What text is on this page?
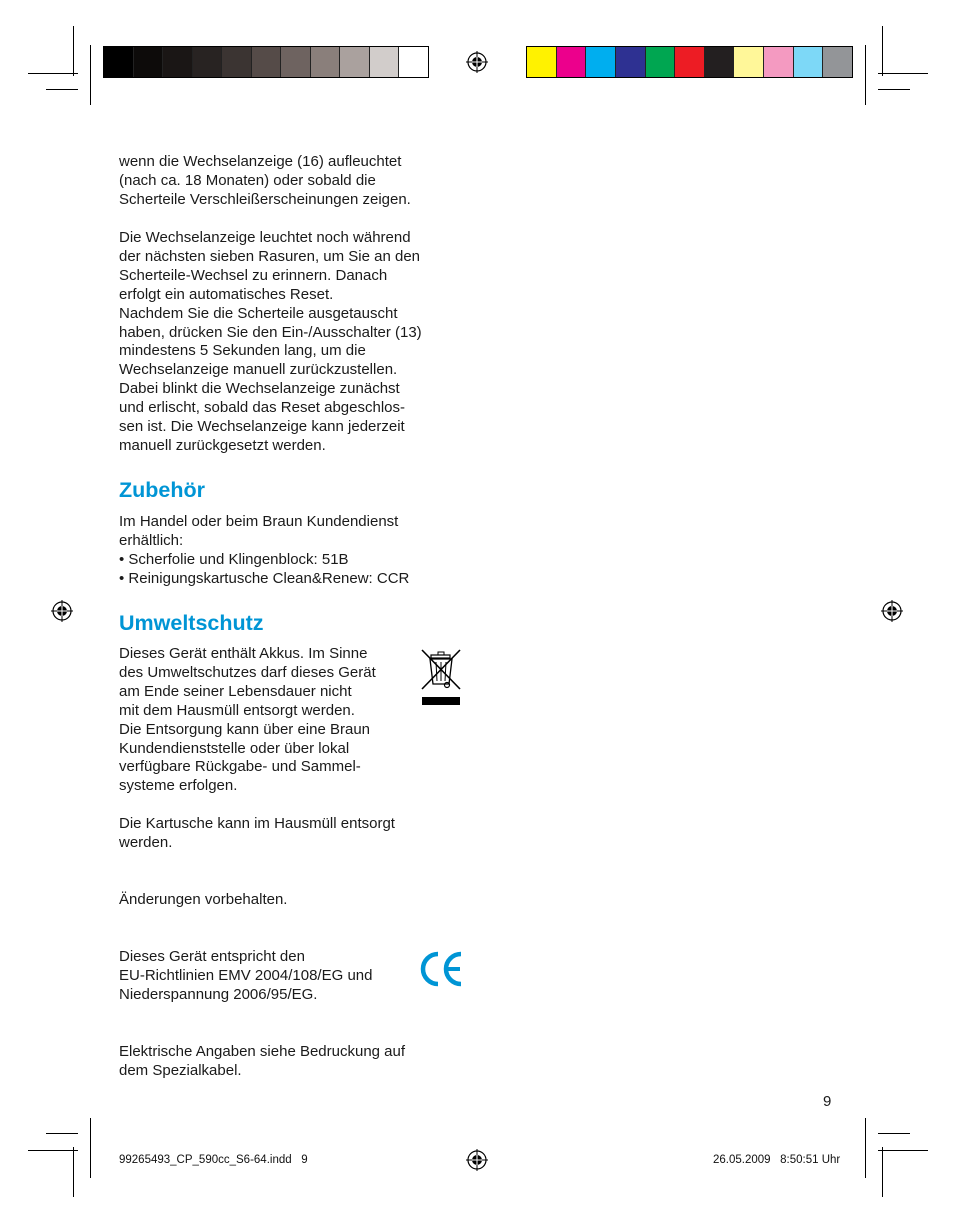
wenn die Wechselanzeige (16) aufleuchtet
(nach ca. 18 Monaten) oder sobald die
Scherteile Verschleißerscheinungen zeigen.

Die Wechselanzeige leuchtet noch während
der nächsten sieben Rasuren, um Sie an den
Scherteile-Wechsel zu erinnern. Danach
erfolgt ein automatisches Reset.
Nachdem Sie die Scherteile ausgetauscht
haben, drücken Sie den Ein-/Ausschalter (13)
mindestens 5 Sekunden lang, um die
Wechselanzeige manuell zurückzustellen.
Dabei blinkt die Wechselanzeige zunächst
und erlischt, sobald das Reset abgeschlos-
sen ist. Die Wechselanzeige kann jederzeit
manuell zurückgesetzt werden.

Zubehör

Im Handel oder beim Braun Kundendienst
erhältlich:

• Scherfolie und Klingenblock: 51B
• Reinigungskartusche Clean&Renew: CCR
Umweltschutz

Dieses Gerät enthält Akkus. Im Sinne
des Umweltschutzes darf dieses Gerät
am Ende seiner Lebensdauer nicht
mit dem Hausmüll entsorgt werden.
Die Entsorgung kann über eine Braun
Kundendienststelle oder über lokal
verfügbare Rückgabe- und Sammel-
systeme erfolgen.

Die Kartusche kann im Hausmüll entsorgt
werden.

Änderungen vorbehalten.

Dieses Gerät entspricht den
EU-Richtlinien EMV 2004/108/EG und
Niederspannung 2006/95/EG.

Elektrische Angaben siehe Bedruckung auf
dem Spezialkabel.

9
99265493_CP_590cc_S6-64.indd   9	26.05.2009   8:50:51 Uhr
